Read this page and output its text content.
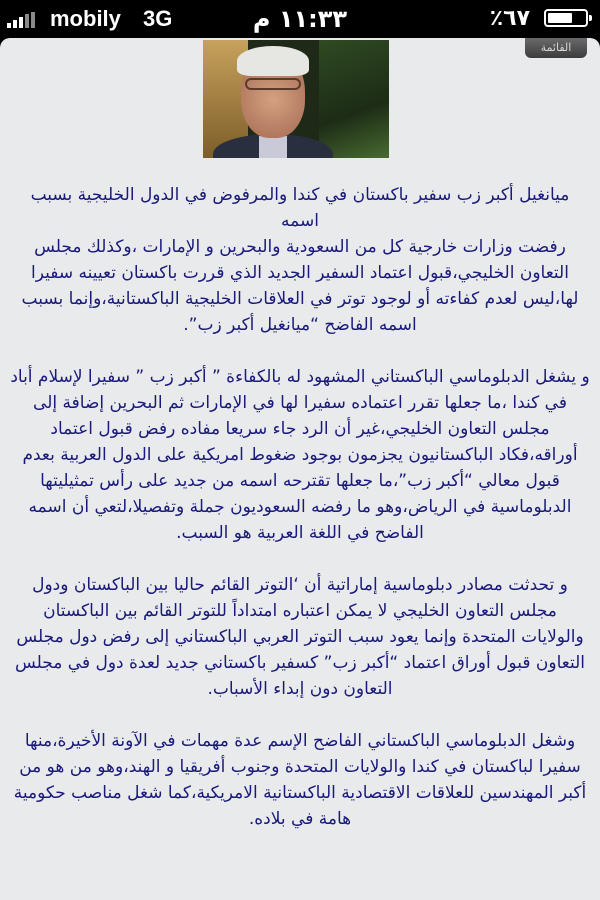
mobily 3G	١١:٣٣ م	٪٦٧
القائمة

ميانغيل أكبر زب سفير باكستان في كندا والمرفوض في الدول الخليجية بسبب اسمه

رفضت وزارات خارجية كل من السعودية والبحرين و الإمارات ،وكذلك مجلس التعاون الخليجي،قبول اعتماد السفير الجديد الذي قررت باكستان تعيينه سفيرا لها،ليس لعدم كفاءته أو لوجود توتر في العلاقات الخليجية الباكستانية،وإنما بسبب اسمه الفاضح “ميانغيل أكبر زب”.

و يشغل الدبلوماسي الباكستاني المشهود له بالكفاءة ” أكبر زب ” سفيرا لإسلام أباد في كندا ،ما جعلها تقرر اعتماده سفيرا لها في الإمارات ثم البحرين إضافة إلى مجلس التعاون الخليجي،غير أن الرد جاء سريعا مفاده رفض قبول اعتماد أوراقه،فكاد الباكستانيون يجزمون بوجود ضغوط امريكية على الدول العربية بعدم قبول معالي “أكبر زب”،ما جعلها تقترحه اسمه من جديد على رأس تمثيليتها الدبلوماسية في الرياض،وهو ما رفضه السعوديون جملة وتفصيلا،لتعي أن اسمه الفاضح في اللغة العربية هو السبب.

و تحدثت مصادر دبلوماسية إماراتية أن ‘التوتر القائم حاليا بين الباكستان ودول مجلس التعاون الخليجي لا يمكن اعتباره امتداداً للتوتر القائم بين الباكستان والولايات المتحدة وإنما يعود سبب التوتر العربي الباكستاني إلى رفض دول مجلس التعاون قبول أوراق اعتماد “أكبر زب” كسفير باكستاني جديد لعدة دول في مجلس التعاون دون إبداء الأسباب.

وشغل الدبلوماسي الباكستاني الفاضح الإسم عدة مهمات في الآونة الأخيرة،منها سفيرا لباكستان في كندا والولايات المتحدة وجنوب أفريقيا و الهند،وهو من هو من أكبر المهندسين للعلاقات الاقتصادية الباكستانية الامريكية،كما شغل مناصب حكومية هامة في بلاده.
